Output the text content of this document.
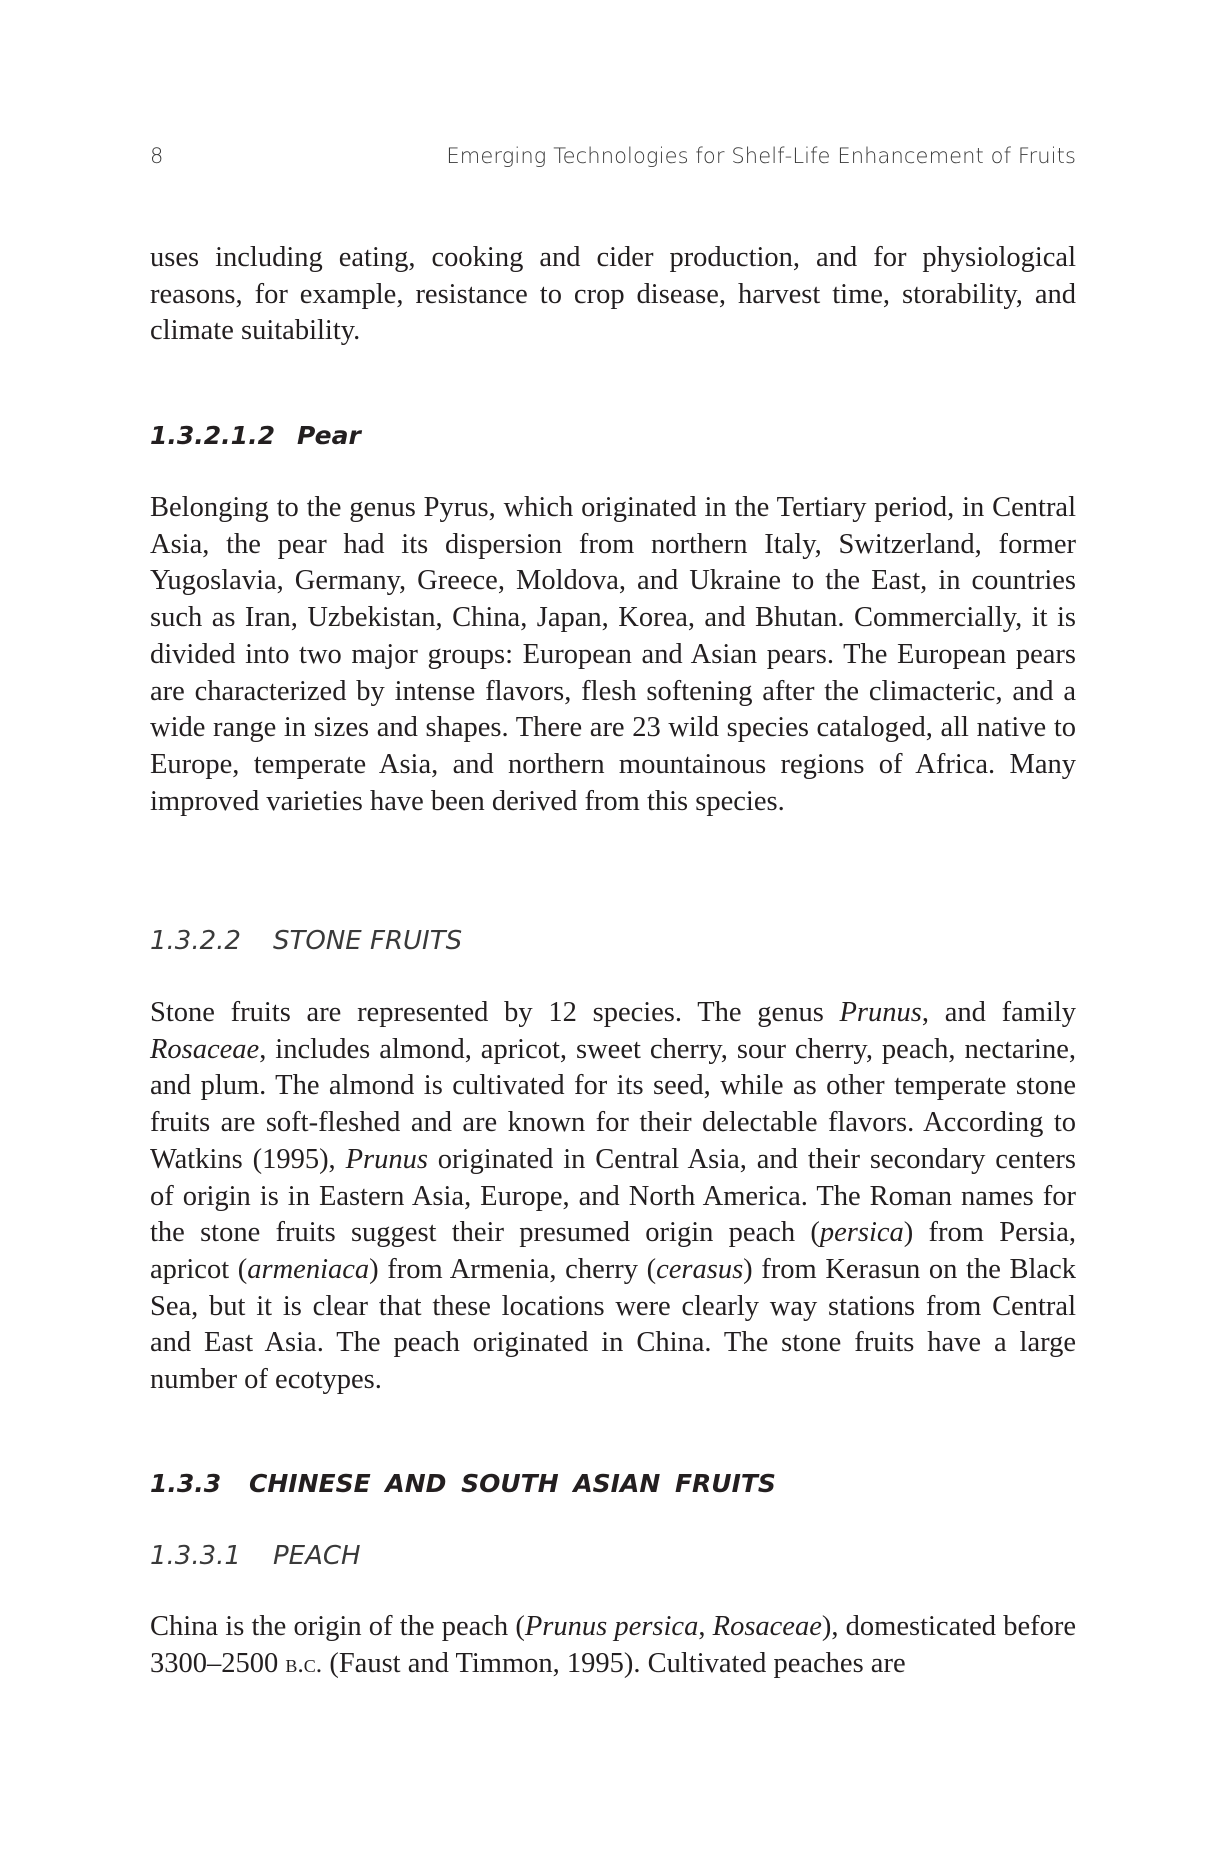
8	Emerging Technologies for Shelf-Life Enhancement of Fruits

uses including eating, cooking and cider production, and for physiological reasons, for example, resistance to crop disease, harvest time, storability, and climate suitability.

1.3.2.1.2 Pear

Belonging to the genus Pyrus, which originated in the Tertiary period, in Central Asia, the pear had its dispersion from northern Italy, Switzerland, former Yugoslavia, Germany, Greece, Moldova, and Ukraine to the East, in countries such as Iran, Uzbekistan, China, Japan, Korea, and Bhutan. Commercially, it is divided into two major groups: European and Asian pears. The European pears are characterized by intense flavors, flesh softening after the climacteric, and a wide range in sizes and shapes. There are 23 wild species cataloged, all native to Europe, temperate Asia, and northern mountainous regions of Africa. Many improved varieties have been derived from this species.

1.3.2.2 STONE FRUITS

Stone fruits are represented by 12 species. The genus Prunus, and family Rosaceae, includes almond, apricot, sweet cherry, sour cherry, peach, nectarine, and plum. The almond is cultivated for its seed, while as other temperate stone fruits are soft-fleshed and are known for their delectable flavors. According to Watkins (1995), Prunus originated in Central Asia, and their secondary centers of origin is in Eastern Asia, Europe, and North America. The Roman names for the stone fruits suggest their presumed origin peach (persica) from Persia, apricot (armeniaca) from Armenia, cherry (cerasus) from Kerasun on the Black Sea, but it is clear that these locations were clearly way stations from Central and East Asia. The peach originated in China. The stone fruits have a large number of ecotypes.

1.3.3 CHINESE AND SOUTH ASIAN FRUITS
1.3.3.1 PEACH

China is the origin of the peach (Prunus persica, Rosaceae), domesticated before 3300–2500 b.c. (Faust and Timmon, 1995). Cultivated peaches are
